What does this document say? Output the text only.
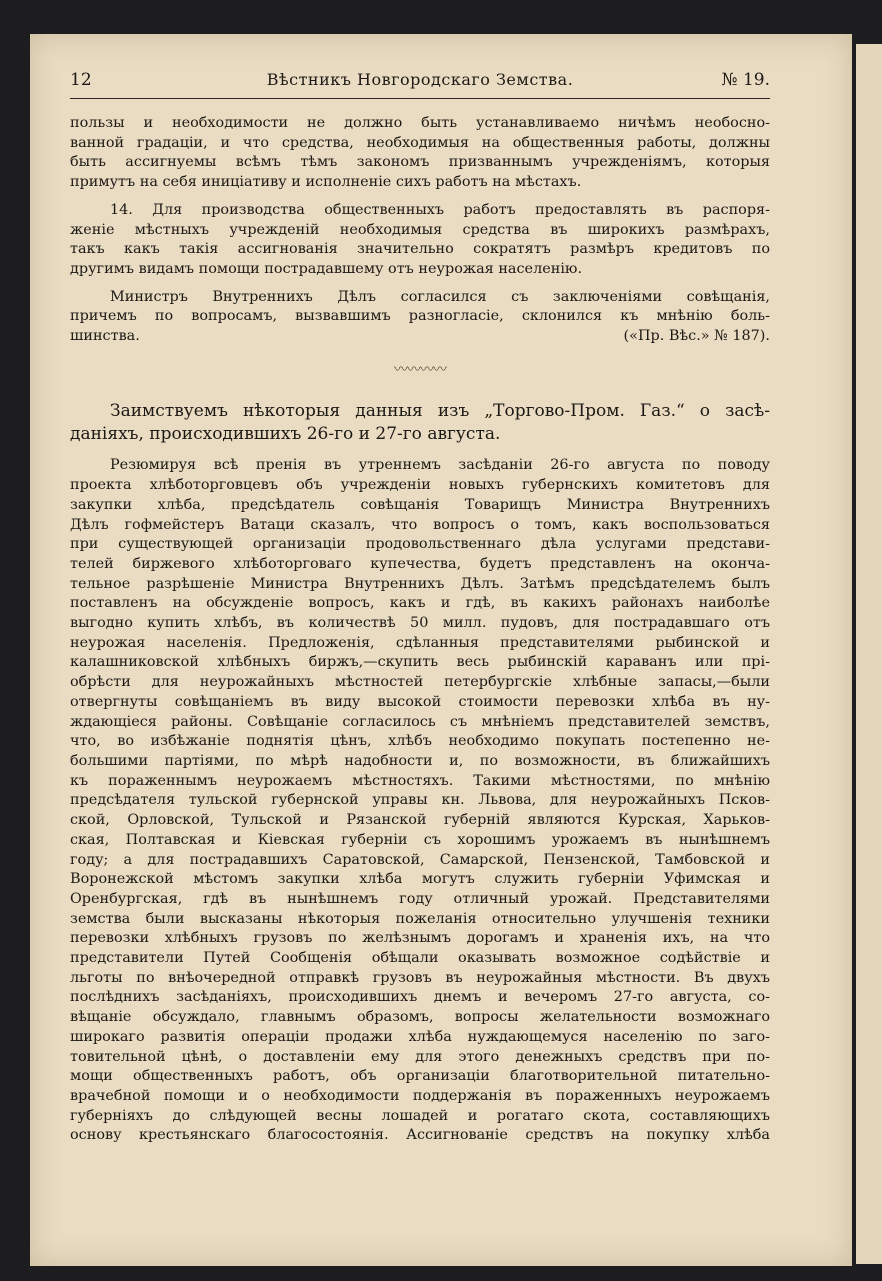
12	Вѣстникъ Новгородскаго Земства.	№ 19.

пользы и необходимости не должно быть устанавливаемо ничѣмъ необосно-

ванной градаціи, и что средства, необходимыя на общественныя работы, должны

быть ассигнуемы всѣмъ тѣмъ закономъ призваннымъ учрежденіямъ, которыя

примутъ на себя иниціативу и исполненіе сихъ работъ на мѣстахъ.

14. Для производства общественныхъ работъ предоставлять въ распоря-

женіе мѣстныхъ учрежденій необходимыя средства въ широкихъ размѣрахъ,

такъ какъ такія ассигнованія значительно сократятъ размѣръ кредитовъ по

другимъ видамъ помощи пострадавшему отъ неурожая населенію.

Министръ Внутреннихъ Дѣлъ согласился съ заключеніями совѣщанія,

причемъ по вопросамъ, вызвавшимъ разногласіе, склонился къ мнѣнію боль-

шинства.	(«Пр. Вѣс.» № 187).

〰〰〰〰
Заимствуемъ нѣкоторыя данныя изъ „Торгово-Пром. Газ.“ о засѣ- даніяхъ, происходившихъ 26-го и 27-го августа.

Резюмируя всѣ пренія въ утреннемъ засѣданіи 26-го августа по поводу

проекта хлѣботорговцевъ объ учрежденіи новыхъ губернскихъ комитетовъ для

закупки хлѣба, предсѣдатель совѣщанія Товарищъ Министра Внутреннихъ

Дѣлъ гофмейстеръ Ватаци сказалъ, что вопросъ о томъ, какъ воспользоваться

при существующей организаціи продовольственнаго дѣла услугами представи-

телей биржевого хлѣботорговаго купечества, будетъ представленъ на оконча-

тельное разрѣшеніе Министра Внутреннихъ Дѣлъ. Затѣмъ предсѣдателемъ былъ

поставленъ на обсужденіе вопросъ, какъ и гдѣ, въ какихъ районахъ наиболѣе

выгодно купить хлѣбъ, въ количествѣ 50 милл. пудовъ, для пострадавшаго отъ

неурожая населенія. Предложенія, сдѣланныя представителями рыбинской и

калашниковской хлѣбныхъ биржъ,—скупить весь рыбинскій караванъ или прі-

обрѣсти для неурожайныхъ мѣстностей петербургскіе хлѣбные запасы,—были

отвергнуты совѣщаніемъ въ виду высокой стоимости перевозки хлѣба въ ну-

ждающіеся районы. Совѣщаніе согласилось съ мнѣніемъ представителей земствъ,

что, во избѣжаніе поднятія цѣнъ, хлѣбъ необходимо покупать постепенно не-

большими партіями, по мѣрѣ надобности и, по возможности, въ ближайшихъ

къ пораженнымъ неурожаемъ мѣстностяхъ. Такими мѣстностями, по мнѣнію

предсѣдателя тульской губернской управы кн. Львова, для неурожайныхъ Псков-

ской, Орловской, Тульской и Рязанской губерній являются Курская, Харьков-

ская, Полтавская и Кіевская губерніи съ хорошимъ урожаемъ въ нынѣшнемъ

году; а для пострадавшихъ Саратовской, Самарской, Пензенской, Тамбовской и

Воронежской мѣстомъ закупки хлѣба могутъ служить губерніи Уфимская и

Оренбургская, гдѣ въ нынѣшнемъ году отличный урожай. Представителями

земства были высказаны нѣкоторыя пожеланія относительно улучшенія техники

перевозки хлѣбныхъ грузовъ по желѣзнымъ дорогамъ и храненія ихъ, на что

представители Путей Сообщенія обѣщали оказывать возможное содѣйствіе и

льготы по внѣочередной отправкѣ грузовъ въ неурожайныя мѣстности. Въ двухъ

послѣднихъ засѣданіяхъ, происходившихъ днемъ и вечеромъ 27-го августа, со-

вѣщаніе обсуждало, главнымъ образомъ, вопросы желательности возможнаго

широкаго развитія операціи продажи хлѣба нуждающемуся населенію по заго-

товительной цѣнѣ, о доставленіи ему для этого денежныхъ средствъ при по-

мощи общественныхъ работъ, объ организаціи благотворительной питательно-

врачебной помощи и о необходимости поддержанія въ пораженныхъ неурожаемъ

губерніяхъ до слѣдующей весны лошадей и рогатаго скота, составляющихъ

основу крестьянскаго благосостоянія. Ассигнованіе средствъ на покупку хлѣба
